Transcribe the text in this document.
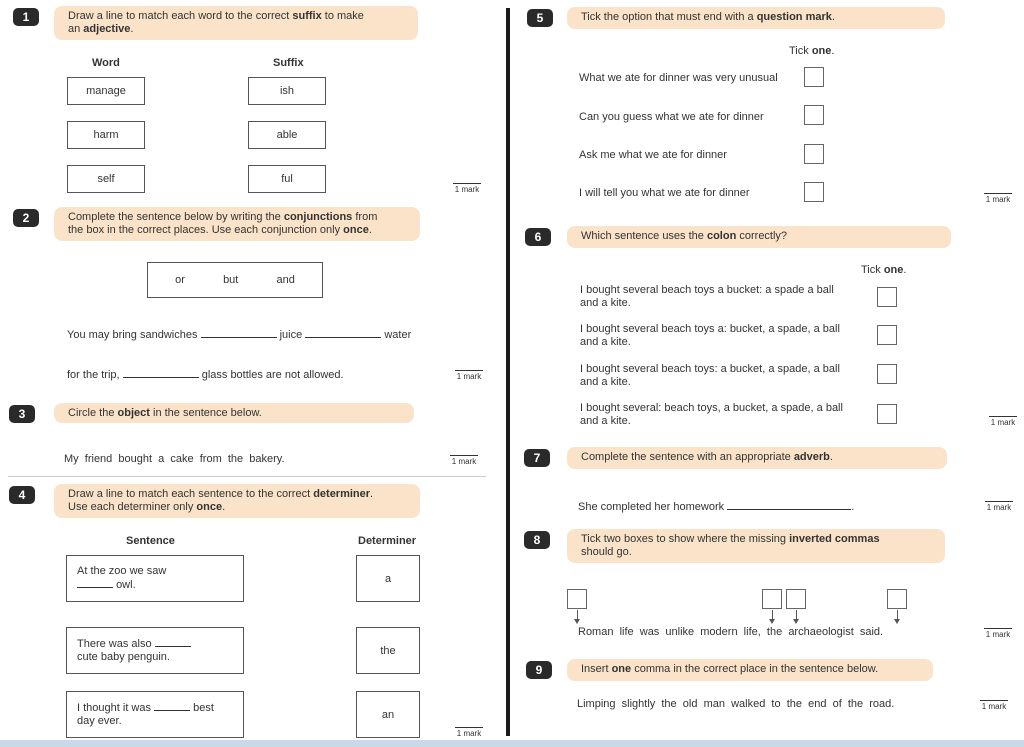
1	Draw a line to match each word to the correct suffix to make
an adjective.
Word	Suffix
manage
harm
self
ish
able
ful
1 mark
2	Complete the sentence below by writing the conjunctions from
the box in the correct places. Use each conjunction only once.
or	but	and
You may bring sandwiches	juice	water
for the trip,	glass bottles are not allowed.	1 mark
3	Circle the object in the sentence below.
My  friend  bought  a  cake  from  the  bakery.	1 mark
4	Draw a line to match each sentence to the correct determiner.
Use each determiner only once.
Sentence	Determiner
At the zoo we saw
owl.
There was also
cute baby penguin.
I thought it was	best
day ever.
a
the
an
1 mark
5	Tick the option that must end with a question mark.
Tick one.
What we ate for dinner was very unusual
Can you guess what we ate for dinner
Ask me what we ate for dinner
I will tell you what we ate for dinner
1 mark
6	Which sentence uses the colon correctly?
Tick one.
I bought several beach toys a bucket: a spade a ball
and a kite.
I bought several beach toys a: bucket, a spade, a ball
and a kite.
I bought several beach toys: a bucket, a spade, a ball
and a kite.
I bought several: beach toys, a bucket, a spade, a ball
and a kite.	1 mark
7	Complete the sentence with an appropriate adverb.
She completed her homework	.	1 mark
8	Tick two boxes to show where the missing inverted commas
should go.
Roman  life  was  unlike  modern  life,  the  archaeologist  said.	1 mark
9	Insert one comma in the correct place in the sentence below.
Limping  slightly  the  old  man  walked  to  the  end  of  the  road.	1 mark
